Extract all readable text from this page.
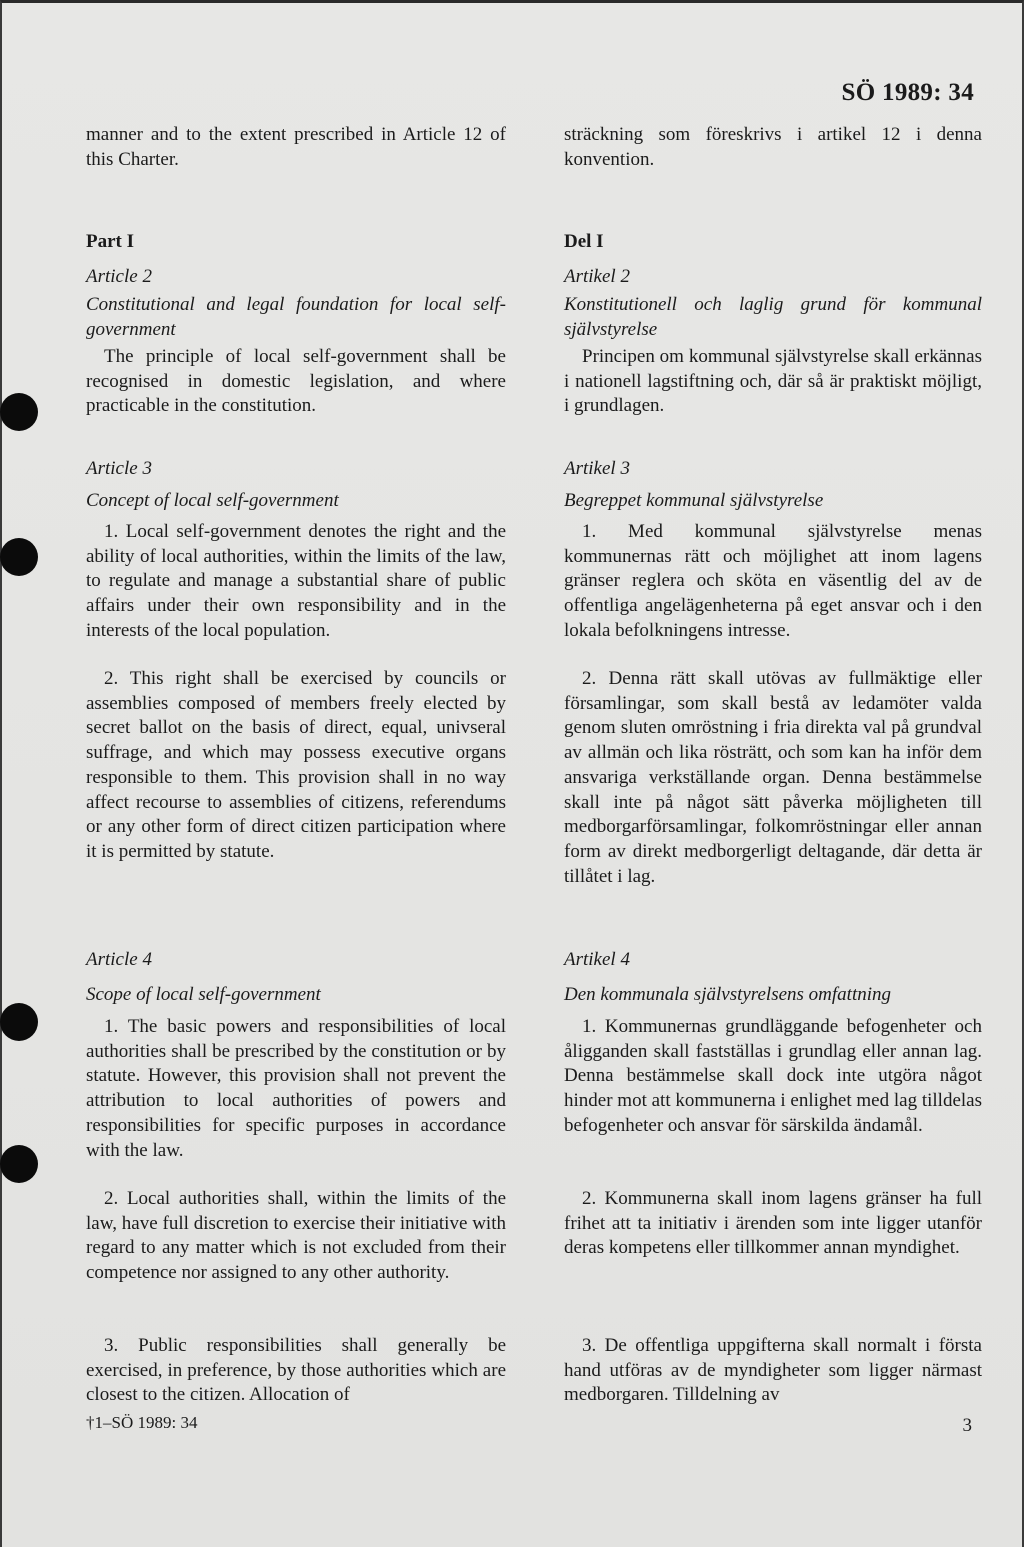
SÖ 1989: 34

manner and to the extent prescribed in Article 12 of this Charter.

Part I
Article 2

Constitutional and legal foundation for local self-government

The principle of local self-government shall be recognised in domestic legislation, and where practicable in the constitution.

Article 3

Concept of local self-government

1. Local self-government denotes the right and the ability of local authorities, within the limits of the law, to regulate and manage a substantial share of public affairs under their own responsibility and in the interests of the local population.

2. This right shall be exercised by councils or assemblies composed of members freely elected by secret ballot on the basis of direct, equal, univseral suffrage, and which may possess executive organs responsible to them. This provision shall in no way affect recourse to assemblies of citizens, referendums or any other form of direct citizen participation where it is permitted by statute.

Article 4

Scope of local self-government

1. The basic powers and responsibilities of local authorities shall be prescribed by the constitution or by statute. However, this provision shall not prevent the attribution to local authorities of powers and responsibilities for specific purposes in accordance with the law.

2. Local authorities shall, within the limits of the law, have full discretion to exercise their initiative with regard to any matter which is not excluded from their competence nor assigned to any other authority.

3. Public responsibilities shall generally be exercised, in preference, by those authorities which are closest to the citizen. Allocation of

sträckning som föreskrivs i artikel 12 i denna konvention.

Del I
Artikel 2

Konstitutionell och laglig grund för kommunal självstyrelse

Principen om kommunal självstyrelse skall erkännas i nationell lagstiftning och, där så är praktiskt möjligt, i grundlagen.

Artikel 3

Begreppet kommunal självstyrelse

1. Med kommunal självstyrelse menas kommunernas rätt och möjlighet att inom lagens gränser reglera och sköta en väsentlig del av de offentliga angelägenheterna på eget ansvar och i den lokala befolkningens intresse.

2. Denna rätt skall utövas av fullmäktige eller församlingar, som skall bestå av ledamöter valda genom sluten omröstning i fria direkta val på grundval av allmän och lika rösträtt, och som kan ha inför dem ansvariga verkställande organ. Denna bestämmelse skall inte på något sätt påverka möjligheten till medborgarförsamlingar, folkomröstningar eller annan form av direkt medborgerligt deltagande, där detta är tillåtet i lag.

Artikel 4

Den kommunala självstyrelsens omfattning

1. Kommunernas grundläggande befogenheter och åligganden skall fastställas i grundlag eller annan lag. Denna bestämmelse skall dock inte utgöra något hinder mot att kommunerna i enlighet med lag tilldelas befogenheter och ansvar för särskilda ändamål.

2. Kommunerna skall inom lagens gränser ha full frihet att ta initiativ i ärenden som inte ligger utanför deras kompetens eller tillkommer annan myndighet.

3. De offentliga uppgifterna skall normalt i första hand utföras av de myndigheter som ligger närmast medborgaren. Tilldelning av

†1–SÖ 1989: 34	3
